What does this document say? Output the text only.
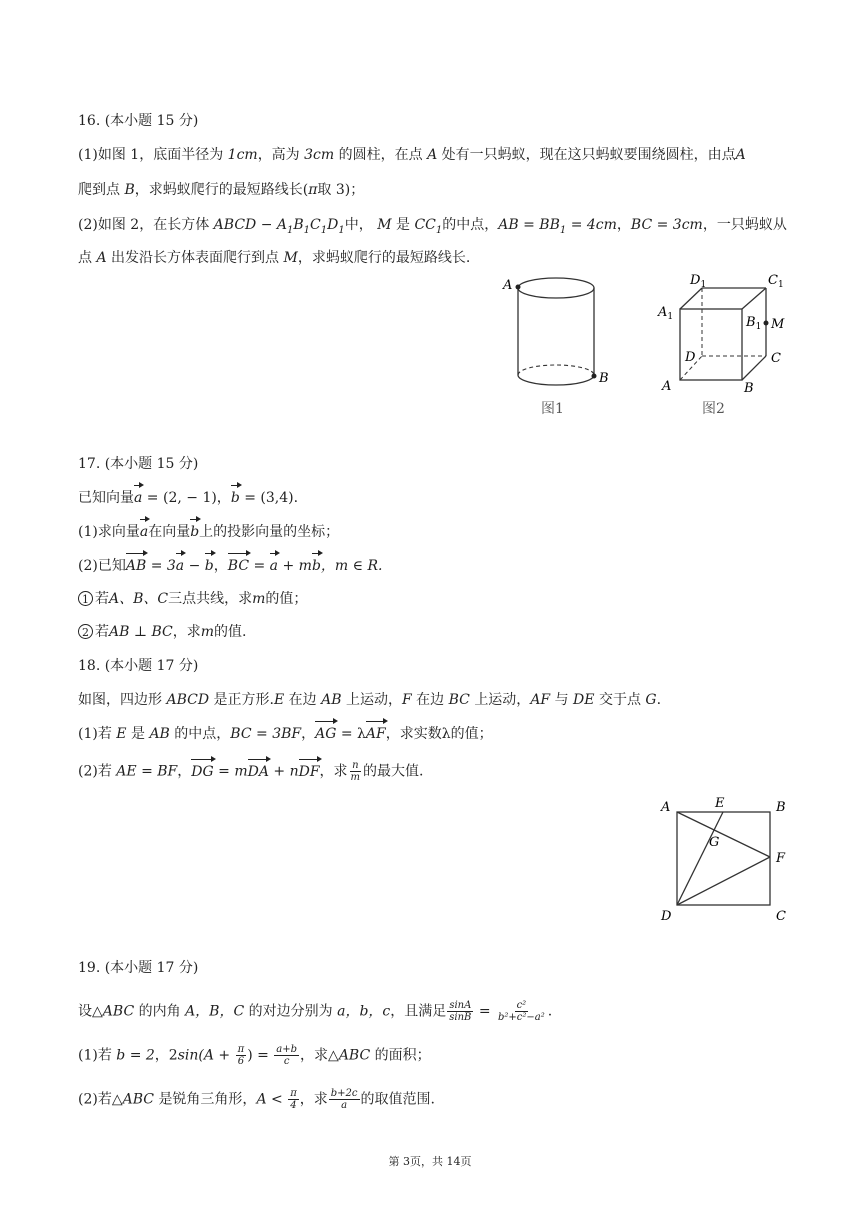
16. (本小题 15 分)
(1)如图 1，底面半径为 1cm，高为 3cm 的圆柱，在点 A 处有一只蚂蚁，现在这只蚂蚁要围绕圆柱，由点A
爬到点 B，求蚂蚁爬行的最短路线长(π取 3)；
(2)如图 2，在长方体 ABCD − $A_1B_1C_1D_1$中， M 是 $CC_1$的中点，AB = $BB_1 = 4cm$，BC = 3cm，一只蚂蚁从
点 A 出发沿长方体表面爬行到点 M，求蚂蚁爬行的最短路线长.
A
B
图1
$D_1$	$C_1$
$A_1$	$B_1$ M
D	C
A	B
图2
17. (本小题 15 分)
已知向量a = (2, − 1)，b = (3,4).
(1)求向量a在向量b上的投影向量的坐标；
(2)已知AB = 3a − b，BC = a + mb，m ∈ R.
1 若A、B、C三点共线，求m的值；
2 若AB ⊥ BC，求m的值.
18. (本小题 17 分)
如图，四边形 ABCD 是正方形.E 在边 AB 上运动，F 在边 BC 上运动，AF 与 DE 交于点 G.
(1)若 E 是 AB 的中点，BC = 3BF，AG = λAF，求实数λ的值；
(2)若 AE = BF，DG = mDA + nDF，求 $\frac{n}{m}$ 的最大值.
A	E	B
G
F
D	C
19. (本小题 17 分)
设△ABC 的内角 A，B，C 的对边分别为 a，b，c，且满足 $\frac{\sin A}{\sin B} = \frac{\text{c²}}{\text{b²+c²−a²}}$ .
(1)若 b = 2，$2\sin(A + \frac{\pi}{6}$ ) = $\frac{a+b}{c}$ ，求△ABC 的面积；
(2)若△ABC 是锐角三角形，$A < \frac{\pi}{4}$ ，求 $\frac{b+2c}{a}$ 的取值范围.
第 3页，共 14页
